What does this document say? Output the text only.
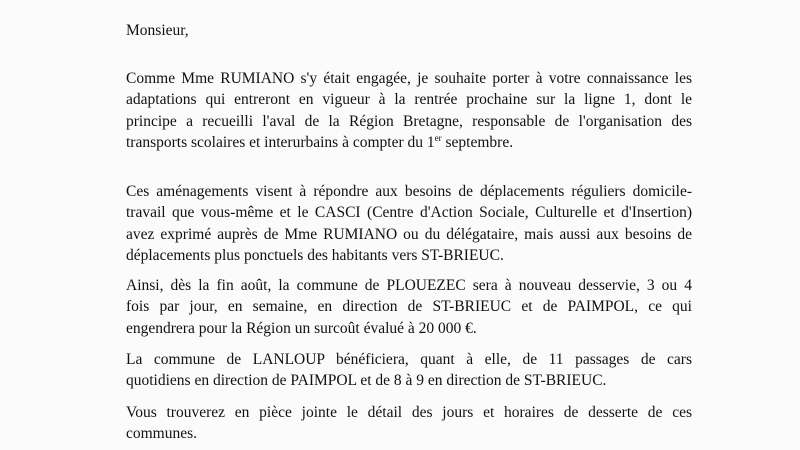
Monsieur,

Comme Mme RUMIANO s'y était engagée, je souhaite porter à votre connaissance les
adaptations qui entreront en vigueur à la rentrée prochaine sur la ligne 1, dont le
principe a recueilli l'aval de la Région Bretagne, responsable de l'organisation des
transports scolaires et interurbains à compter du 1er septembre.

Ces aménagements visent à répondre aux besoins de déplacements réguliers domicile-
travail que vous-même et le CASCI (Centre d'Action Sociale, Culturelle et d'Insertion)
avez exprimé auprès de Mme RUMIANO ou du délégataire, mais aussi aux besoins de
déplacements plus ponctuels des habitants vers ST-BRIEUC.

Ainsi, dès la fin août, la commune de PLOUEZEC sera à nouveau desservie, 3 ou 4
fois par jour, en semaine, en direction de ST-BRIEUC et de PAIMPOL, ce qui
engendrera pour la Région un surcoût évalué à 20 000 €.

La commune de LANLOUP bénéficiera, quant à elle, de 11 passages de cars
quotidiens en direction de PAIMPOL et de 8 à 9 en direction de ST-BRIEUC.

Vous trouverez en pièce jointe le détail des jours et horaires de desserte de ces
communes.
